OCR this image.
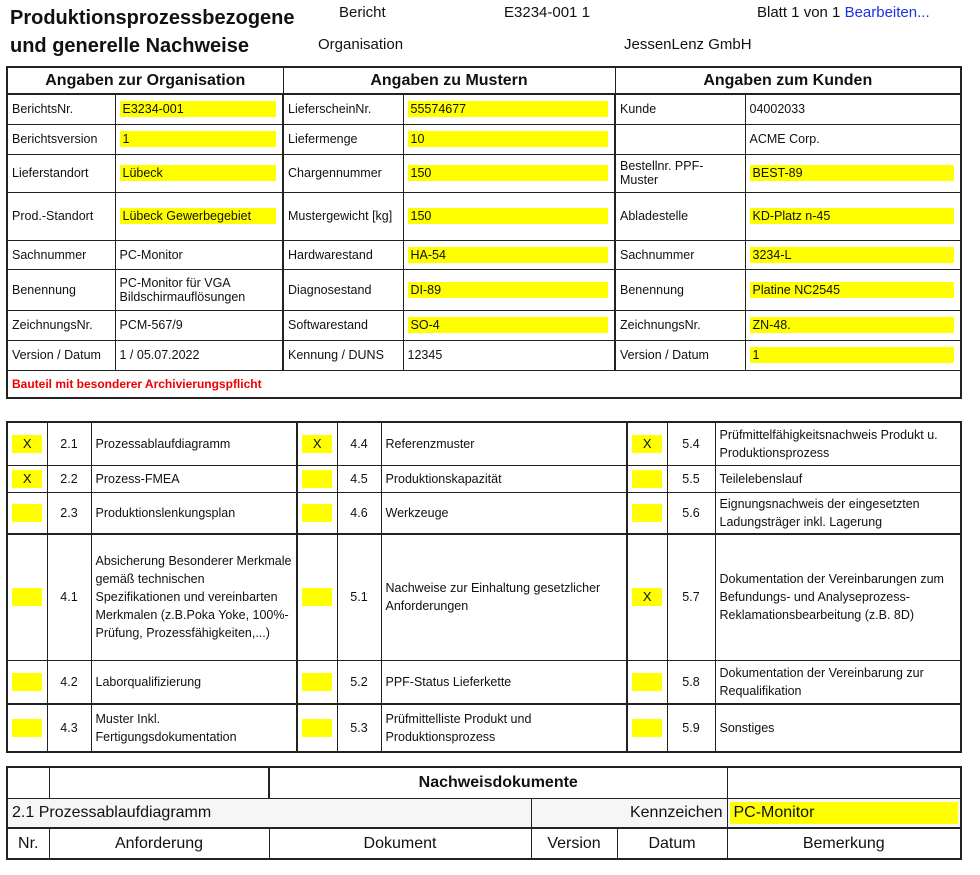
Produktionsprozessbezogene
und generelle Nachweise
Bericht	E3234-001 1	Blatt 1 von 1 Bearbeiten...
Organisation	JessenLenz GmbH
Angaben zur Organisation		Angaben zu Mustern		Angaben zum Kunden	
BerichtsNr.	E3234-001	LieferscheinNr.	55574677	Kunde	04002033
Berichtsversion	1	Liefermenge	10		ACME Corp.
Lieferstandort	Lübeck	Chargennummer	150	Bestellnr. PPF-Muster	BEST-89

Prod.-Standort	Lübeck Gewerbegebiet	Mustergewicht [kg]	150	Abladestelle	KD-Platz n-45

Sachnummer	PC-Monitor	Hardwarestand	HA-54	Sachnummer	3234-L

Benennung	PC-Monitor für VGA Bildschirmauflösungen	Diagnosestand	DI-89	Benennung	Platine NC2545

ZeichnungsNr.	PCM-567/9	Softwarestand	SO-4	ZeichnungsNr.	ZN-48.

Version / Datum	1 / 05.07.2022	Kennung / DUNS	12345	Version / Datum	1

Bauteil mit besonderer Archivierungspflicht					
X	2.1	Prozessablaufdiagramm	X	4.4	Referenzmuster	X	5.4	Prüfmittelfähigkeitsnachweis Produkt u. Produktionsprozess

X	2.2	Prozess-FMEA		4.5	Produktionskapazität		5.5	Teilelebenslauf

	2.3	Produktionslenkungsplan		4.6	Werkzeuge		5.6	Eignungsnachweis der eingesetzten Ladungsträger inkl. Lagerung

	4.1	Absicherung Besonderer Merkmale gemäß technischen Spezifikationen und vereinbarten Merkmalen (z.B.Poka Yoke, 100%-Prüfung, Prozessfähigkeiten,...)		5.1	Nachweise zur Einhaltung gesetzlicher Anforderungen	X	5.7	Dokumentation der Vereinbarungen zum Befundungs- und Analyseprozess- Reklamationsbearbeitung (z.B. 8D)

	4.2	Laborqualifizierung		5.2	PPF-Status Lieferkette		5.8	Dokumentation der Vereinbarung zur Requalifikation

	4.3	Muster Inkl. Fertigungsdokumentation		5.3	Prüfmittelliste Produkt und Produktionsprozess		5.9	Sonstiges
		Nachweisdokumente			
2.1 Prozessablaufdiagramm			Kennzeichen		PC-Monitor

Nr.	Anforderung	Dokument	Version	Datum	Bemerkung
